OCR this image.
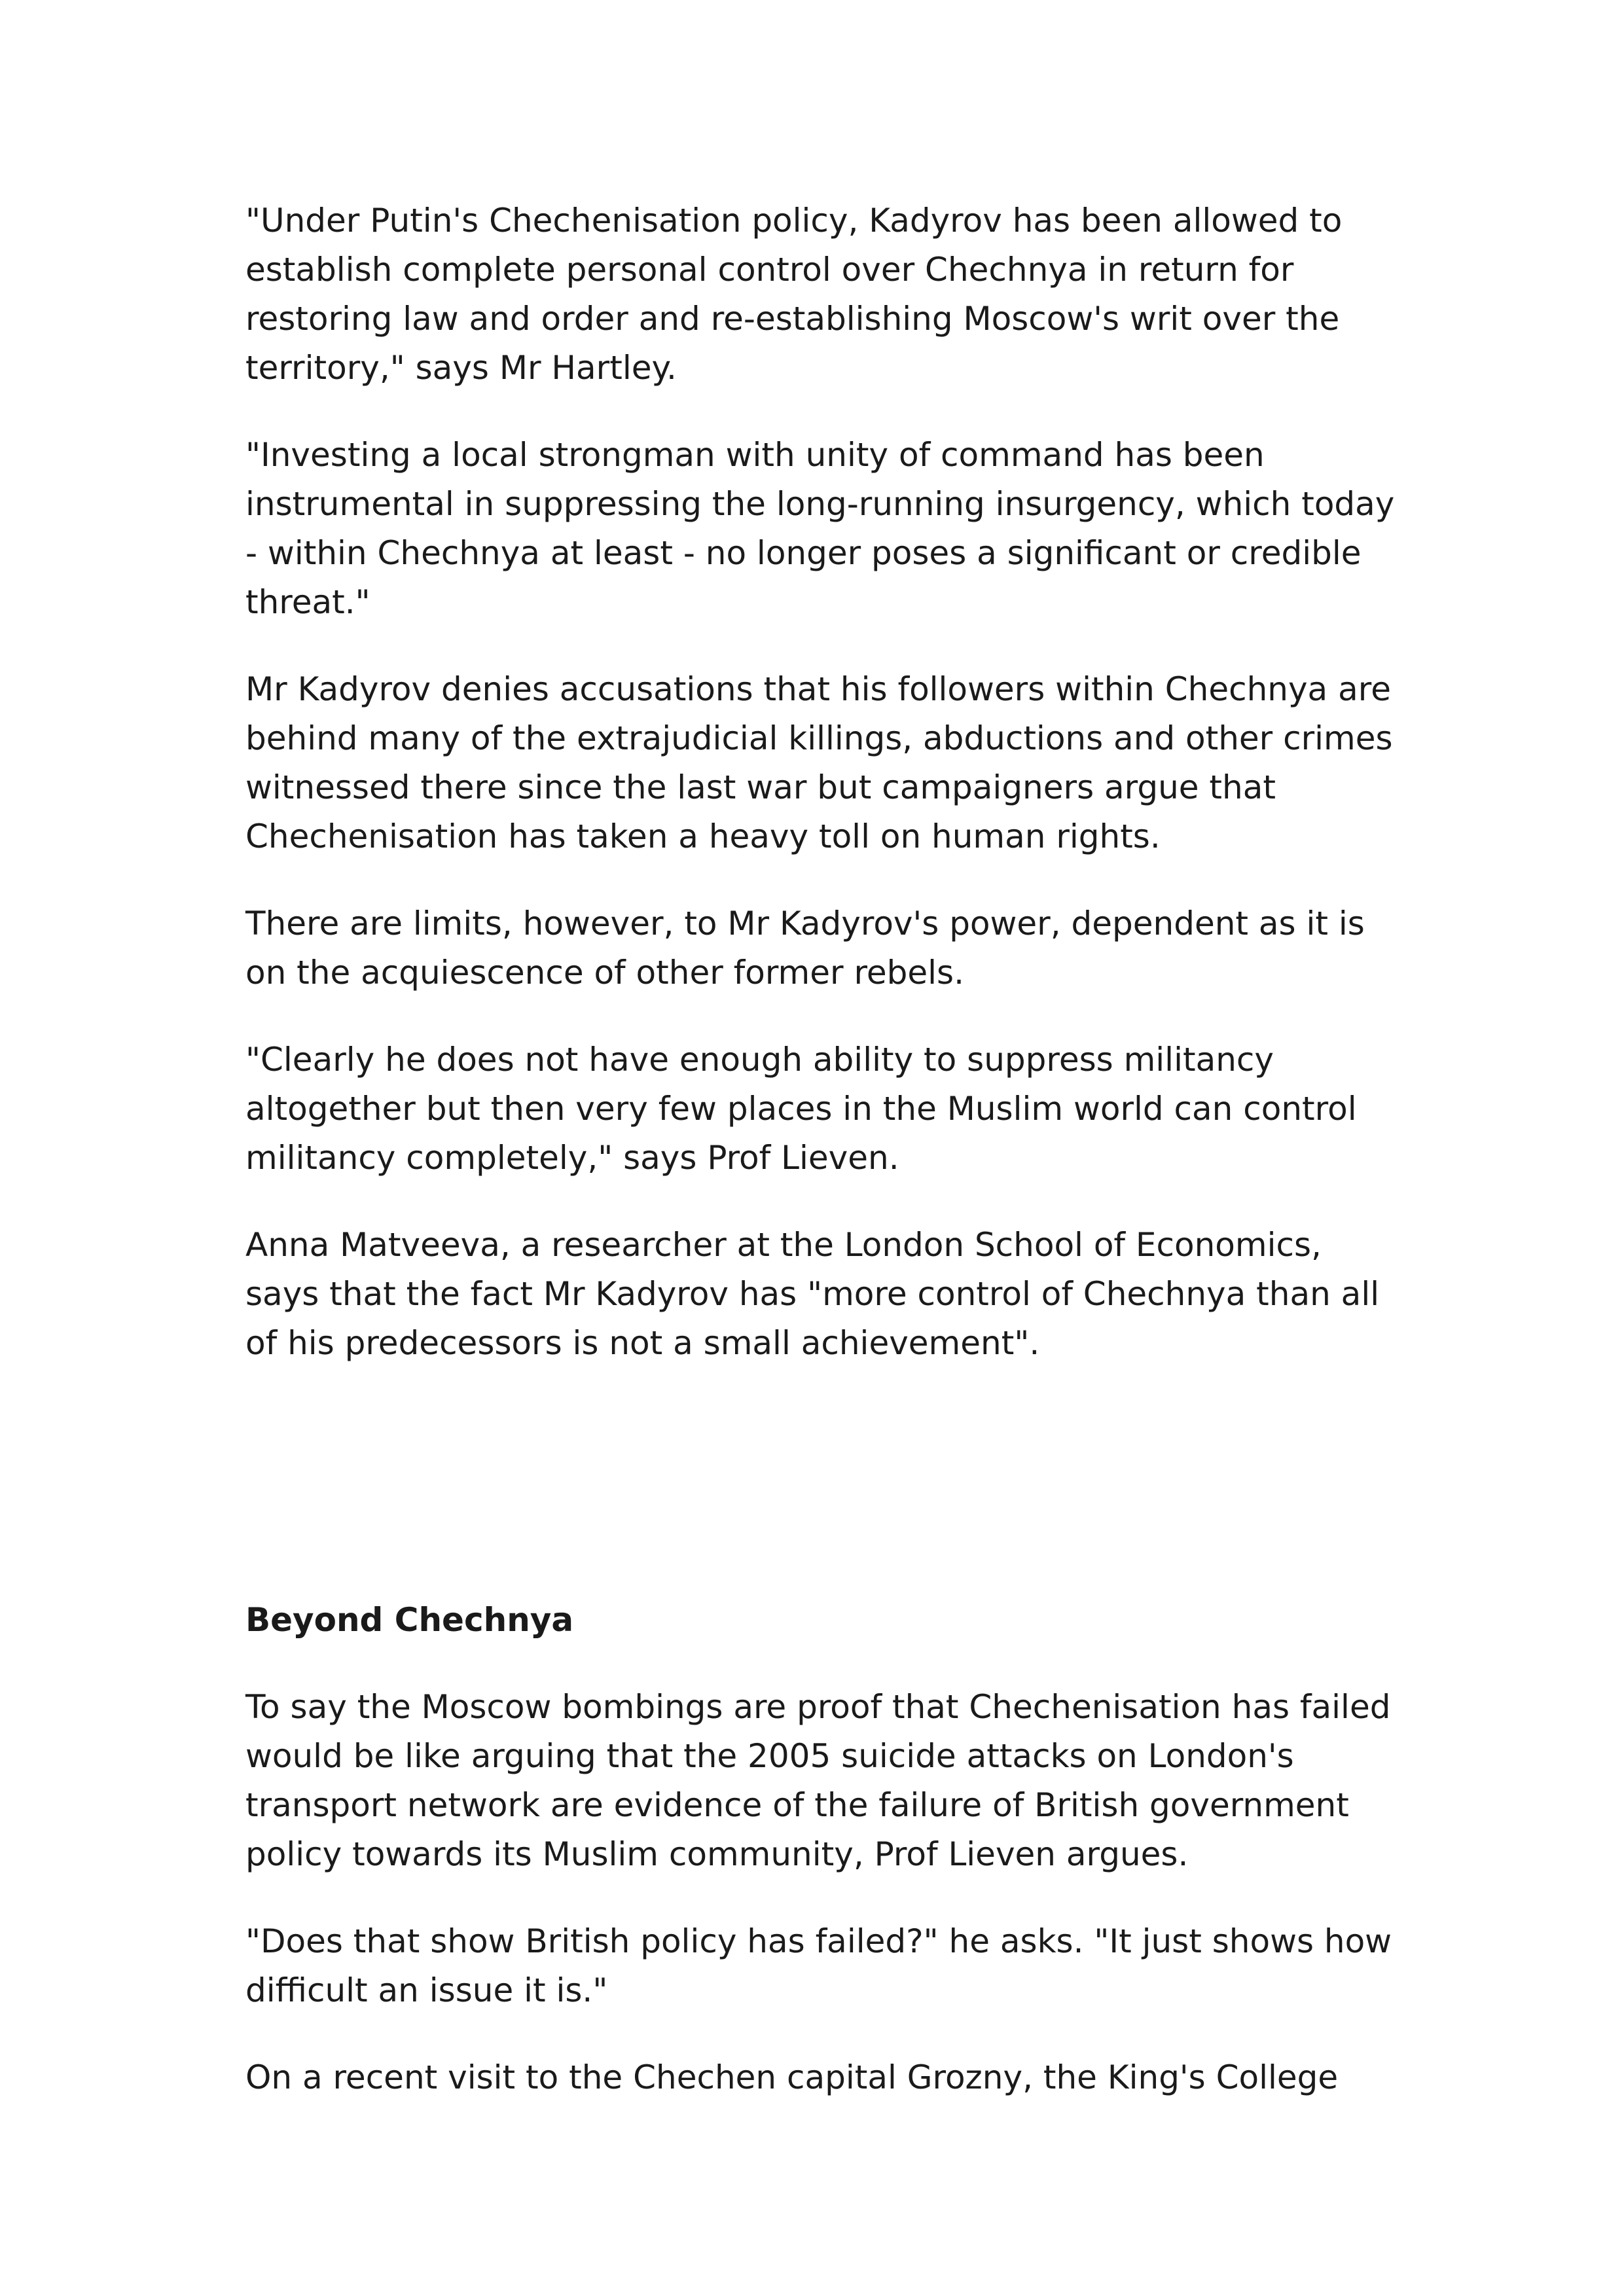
"Under Putin's Chechenisation policy, Kadyrov has been allowed to establish complete personal control over Chechnya in return for restoring law and order and re-establishing Moscow's writ over the territory," says Mr Hartley.

"Investing a local strongman with unity of command has been instrumental in suppressing the long-running insurgency, which today - within Chechnya at least - no longer poses a significant or credible threat."

Mr Kadyrov denies accusations that his followers within Chechnya are behind many of the extrajudicial killings, abductions and other crimes witnessed there since the last war but campaigners argue that Chechenisation has taken a heavy toll on human rights.

There are limits, however, to Mr Kadyrov's power, dependent as it is on the acquiescence of other former rebels.

"Clearly he does not have enough ability to suppress militancy altogether but then very few places in the Muslim world can control militancy completely," says Prof Lieven.

Anna Matveeva, a researcher at the London School of Economics, says that the fact Mr Kadyrov has "more control of Chechnya than all of his predecessors is not a small achievement".

Beyond Chechnya

To say the Moscow bombings are proof that Chechenisation has failed would be like arguing that the 2005 suicide attacks on London's transport network are evidence of the failure of British government policy towards its Muslim community, Prof Lieven argues.

"Does that show British policy has failed?" he asks. "It just shows how difficult an issue it is."

On a recent visit to the Chechen capital Grozny, the King's College
